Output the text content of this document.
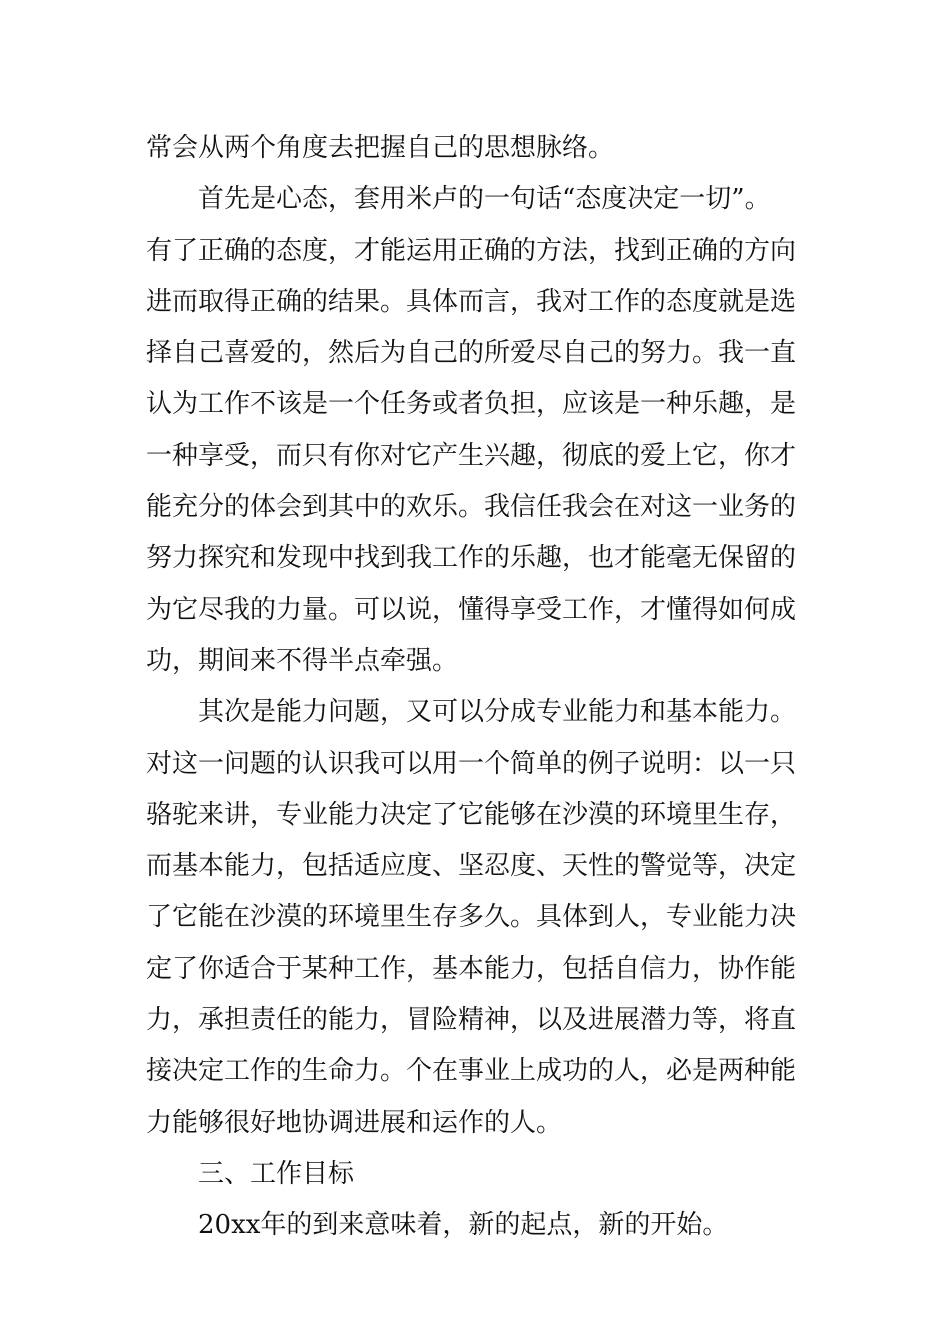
常会从两个角度去把握自己的思想脉络。
首先是心态，套用米卢的一句话“态度决定一切”。
有了正确的态度，才能运用正确的方法，找到正确的方向
进而取得正确的结果。具体而言，我对工作的态度就是选
择自己喜爱的，然后为自己的所爱尽自己的努力。我一直
认为工作不该是一个任务或者负担，应该是一种乐趣，是
一种享受，而只有你对它产生兴趣，彻底的爱上它，你才
能充分的体会到其中的欢乐。我信任我会在对这一业务的
努力探究和发现中找到我工作的乐趣，也才能毫无保留的
为它尽我的力量。可以说，懂得享受工作，才懂得如何成
功，期间来不得半点牵强。
其次是能力问题，又可以分成专业能力和基本能力。
对这一问题的认识我可以用一个简单的例子说明：以一只
骆驼来讲，专业能力决定了它能够在沙漠的环境里生存，
而基本能力，包括适应度、坚忍度、天性的警觉等，决定
了它能在沙漠的环境里生存多久。具体到人，专业能力决
定了你适合于某种工作，基本能力，包括自信力，协作能
力，承担责任的能力，冒险精神，以及进展潜力等，将直
接决定工作的生命力。个在事业上成功的人，必是两种能
力能够很好地协调进展和运作的人。
三、工作目标
20xx年的到来意味着，新的起点，新的开始。
